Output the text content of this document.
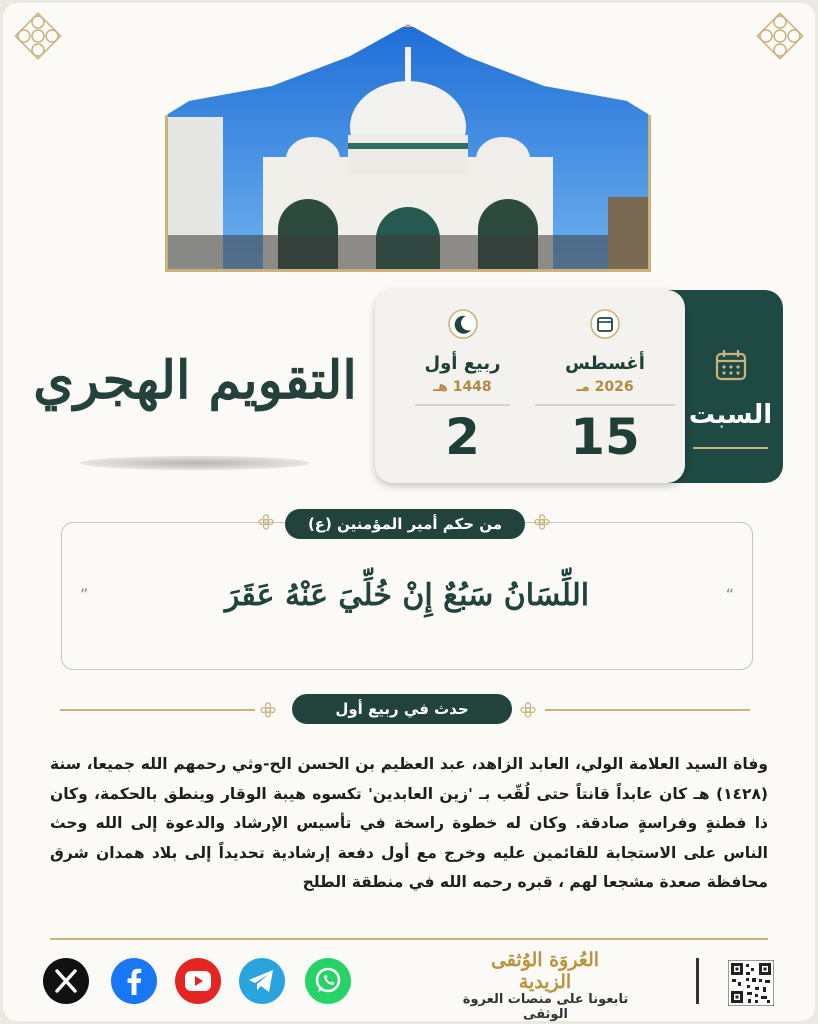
التقويم الهجري
السبت
أغسطس
2026 مـ
15
ربيع أول
1448 هـ
2
“
اللِّسَانُ سَبُعٌ إِنْ خُلِّيَ عَنْهُ عَقَرَ
”
من حكم أمير المؤمنين (ع)
حدث في ربيع أول
وفاة السيد العلامة الولي، العابد الزاهد، عبد العظيم بن الحسن الح-وثي رحمهم الله جميعا، سنة (١٤٢٨) هـ كان عابداً قانتاً حتى لُقّب بـ 'زين العابدين' تكسوه هيبة الوقار وينطق بالحكمة، وكان ذا فطنةٍ وفراسةٍ صادقة. وكان له خطوة راسخة في تأسيس الإرشاد والدعوة إلى الله وحث الناس على الاستجابة للقائمين عليه وخرج مع أول دفعة إرشادية تحديداً إلى بلاد همدان شرق محافظة صعدة مشجعا لهم ، قبره رحمه الله في منطقة الطلح
العُروَة الوُثقى الزيدية
تابعونا على منصات العروة الوثقى
